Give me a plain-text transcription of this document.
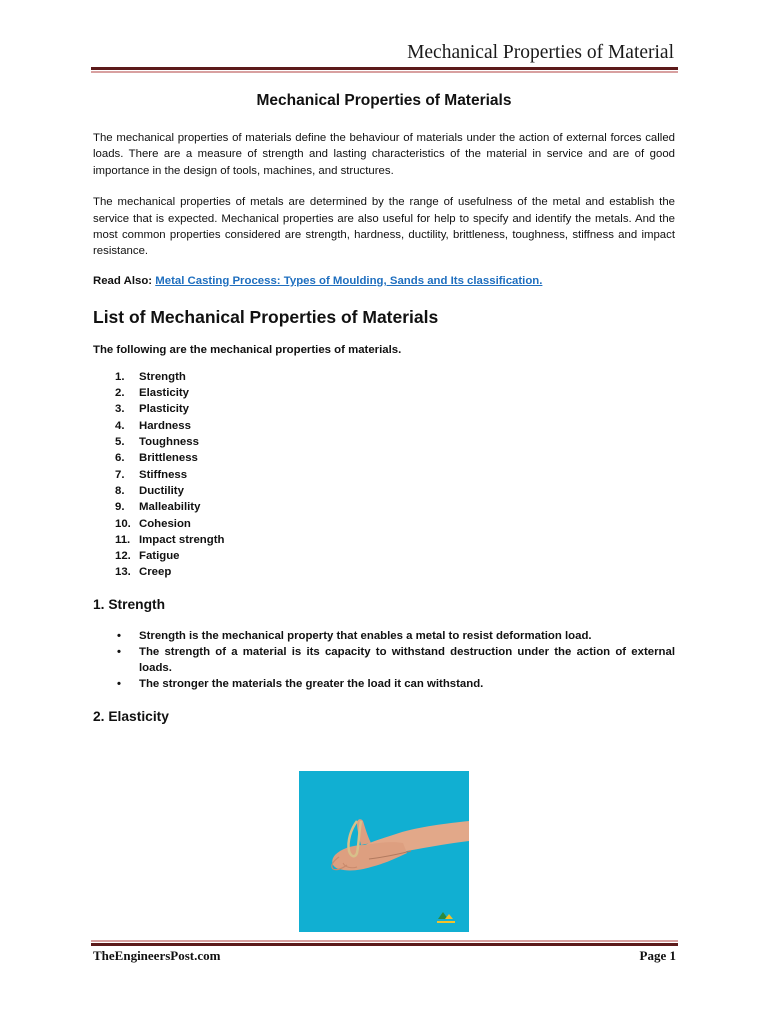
Mechanical Properties of Material
Mechanical Properties of Materials

The mechanical properties of materials define the behaviour of materials under the action of external forces called loads. There are a measure of strength and lasting characteristics of the material in service and are of good importance in the design of tools, machines, and structures.

The mechanical properties of metals are determined by the range of usefulness of the metal and establish the service that is expected. Mechanical properties are also useful for help to specify and identify the metals. And the most common properties considered are strength, hardness, ductility, brittleness, toughness, stiffness and impact resistance.

Read Also: Metal Casting Process: Types of Moulding, Sands and Its classification.
List of Mechanical Properties of Materials
The following are the mechanical properties of materials.
1.	Strength
2.	Elasticity
3.	Plasticity
4.	Hardness
5.	Toughness
6.	Brittleness
7.	Stiffness
8.	Ductility
9.	Malleability
10. Cohesion
11. Impact strength
12. Fatigue
13. Creep
1. Strength
•	Strength is the mechanical property that enables a metal to resist deformation load.
•	The strength of a material is its capacity to withstand destruction under the action of external loads.
•	The stronger the materials the greater the load it can withstand.
2. Elasticity
TheEngineersPost.com	Page 1
